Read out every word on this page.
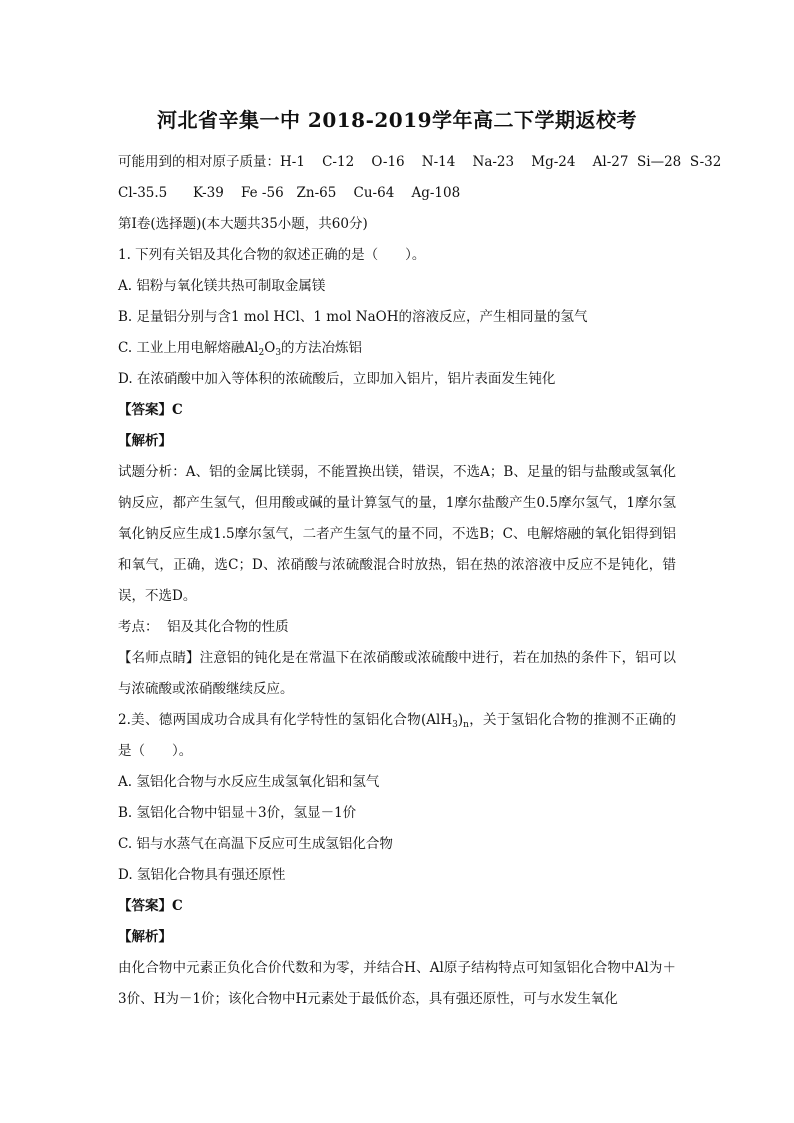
河北省辛集一中 2018-2019学年高二下学期返校考

可能用到的相对原子质量：H-1    C-12    O-16    N-14    Na-23    Mg-24    Al-27  Si—28  S-32

Cl-35.5      K-39    Fe -56   Zn-65    Cu-64    Ag-108

第Ⅰ卷(选择题)(本大题共35小题，共60分)

1. 下列有关铝及其化合物的叙述正确的是（　　）。

A. 铝粉与氧化镁共热可制取金属镁

B. 足量铝分别与含1 mol HCl、1 mol NaOH的溶液反应，产生相同量的氢气

C. 工业上用电解熔融$Al_2O_3$的方法冶炼铝

D. 在浓硝酸中加入等体积的浓硫酸后，立即加入铝片，铝片表面发生钝化

【答案】C

【解析】

试题分析：A、铝的金属比镁弱，不能置换出镁，错误，不选A；B、足量的铝与盐酸或氢氧化钠反应，都产生氢气，但用酸或碱的量计算氢气的量，1摩尔盐酸产生0.5摩尔氢气，1摩尔氢氧化钠反应生成1.5摩尔氢气，二者产生氢气的量不同，不选B；C、电解熔融的氧化铝得到铝和氧气，正确，选C；D、浓硝酸与浓硫酸混合时放热，铝在热的浓溶液中反应不是钝化，错误，不选D。

考点：  铝及其化合物的性质

【名师点睛】注意铝的钝化是在常温下在浓硝酸或浓硫酸中进行，若在加热的条件下，铝可以与浓硫酸或浓硝酸继续反应。

2.美、德两国成功合成具有化学特性的氢铝化合物$(AlH_3)_n$，关于氢铝化合物的推测不正确的是（　　）。

A. 氢铝化合物与水反应生成氢氧化铝和氢气

B. 氢铝化合物中铝显＋3价，氢显－1价

C. 铝与水蒸气在高温下反应可生成氢铝化合物

D. 氢铝化合物具有强还原性

【答案】C

【解析】

由化合物中元素正负化合价代数和为零，并结合H、Al原子结构特点可知氢铝化合物中Al为＋3价、H为－1价；该化合物中H元素处于最低价态，具有强还原性，可与水发生氧化
